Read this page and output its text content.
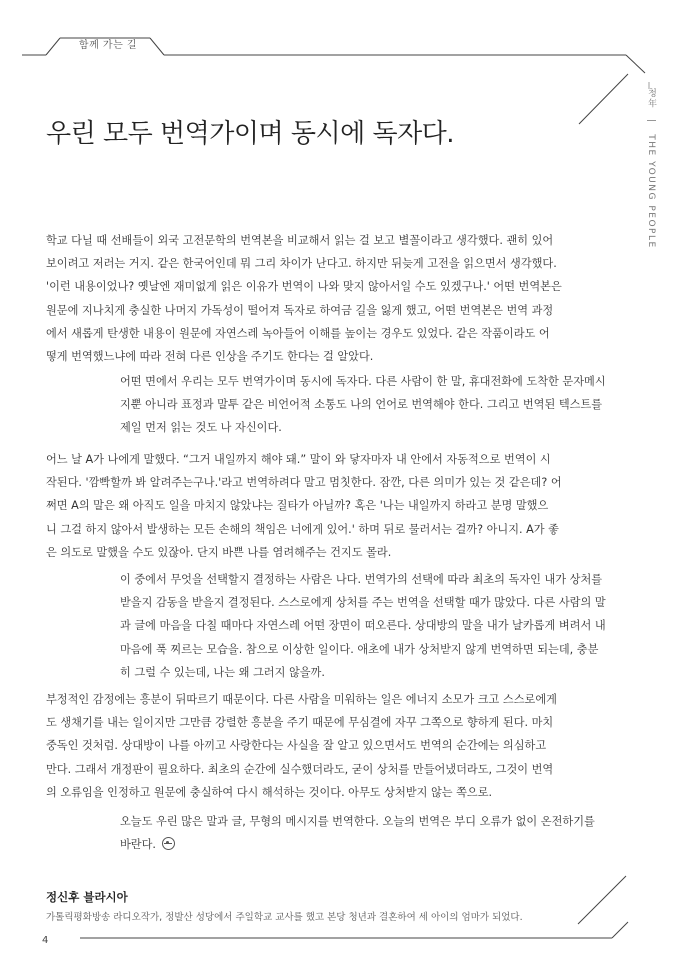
함께 가는 길
청年 | THE YOUNG PEOPLE
우린 모두 번역가이며 동시에 독자다.
학교 다닐 때 선배들이 외국 고전문학의 번역본을 비교해서 읽는 걸 보고 별꼴이라고 생각했다. 괜히 있어
보이려고 저러는 거지. 같은 한국어인데 뭐 그리 차이가 난다고. 하지만 뒤늦게 고전을 읽으면서 생각했다.
'이런 내용이었나? 옛날엔 재미없게 읽은 이유가 번역이 나와 맞지 않아서일 수도 있겠구나.' 어떤 번역본은
원문에 지나치게 충실한 나머지 가독성이 떨어져 독자로 하여금 길을 잃게 했고, 어떤 번역본은 번역 과정
에서 새롭게 탄생한 내용이 원문에 자연스레 녹아들어 이해를 높이는 경우도 있었다. 같은 작품이라도 어
떻게 번역했느냐에 따라 전혀 다른 인상을 주기도 한다는 걸 알았다.
어떤 면에서 우리는 모두 번역가이며 동시에 독자다. 다른 사람이 한 말, 휴대전화에 도착한 문자메시
지뿐 아니라 표정과 말투 같은 비언어적 소통도 나의 언어로 번역해야 한다. 그리고 번역된 텍스트를
제일 먼저 읽는 것도 나 자신이다.
어느 날 A가 나에게 말했다. “그거 내일까지 해야 돼.” 말이 와 닿자마자 내 안에서 자동적으로 번역이 시
작된다. '깜빡할까 봐 알려주는구나.'라고 번역하려다 말고 멈칫한다. 잠깐, 다른 의미가 있는 것 같은데? 어
쩌면 A의 말은 왜 아직도 일을 마치지 않았냐는 질타가 아닐까? 혹은 '나는 내일까지 하라고 분명 말했으
니 그걸 하지 않아서 발생하는 모든 손해의 책임은 너에게 있어.' 하며 뒤로 물러서는 걸까? 아니지. A가 좋
은 의도로 말했을 수도 있잖아. 단지 바쁜 나를 염려해주는 건지도 몰라.
이 중에서 무엇을 선택할지 결정하는 사람은 나다. 번역가의 선택에 따라 최초의 독자인 내가 상처를
받을지 감동을 받을지 결정된다. 스스로에게 상처를 주는 번역을 선택할 때가 많았다. 다른 사람의 말
과 글에 마음을 다칠 때마다 자연스레 어떤 장면이 떠오른다. 상대방의 말을 내가 날카롭게 벼려서 내
마음에 푹 찌르는 모습을. 참으로 이상한 일이다. 애초에 내가 상처받지 않게 번역하면 되는데, 충분
히 그럴 수 있는데, 나는 왜 그러지 않을까.
부정적인 감정에는 흥분이 뒤따르기 때문이다. 다른 사람을 미워하는 일은 에너지 소모가 크고 스스로에게
도 생채기를 내는 일이지만 그만큼 강렬한 흥분을 주기 때문에 무심결에 자꾸 그쪽으로 향하게 된다. 마치
중독인 것처럼. 상대방이 나를 아끼고 사랑한다는 사실을 잘 알고 있으면서도 번역의 순간에는 의심하고
만다. 그래서 개정판이 필요하다. 최초의 순간에 실수했더라도, 굳이 상처를 만들어냈더라도, 그것이 번역
의 오류임을 인정하고 원문에 충실하여 다시 해석하는 것이다. 아무도 상처받지 않는 쪽으로.
오늘도 우린 많은 말과 글, 무형의 메시지를 번역한다. 오늘의 번역은 부디 오류가 없이 온전하기를
바란다.
정신후 블라시아
가톨릭평화방송 라디오작가, 정발산 성당에서 주일학교 교사를 했고 본당 청년과 결혼하여 세 아이의 엄마가 되었다.
4
